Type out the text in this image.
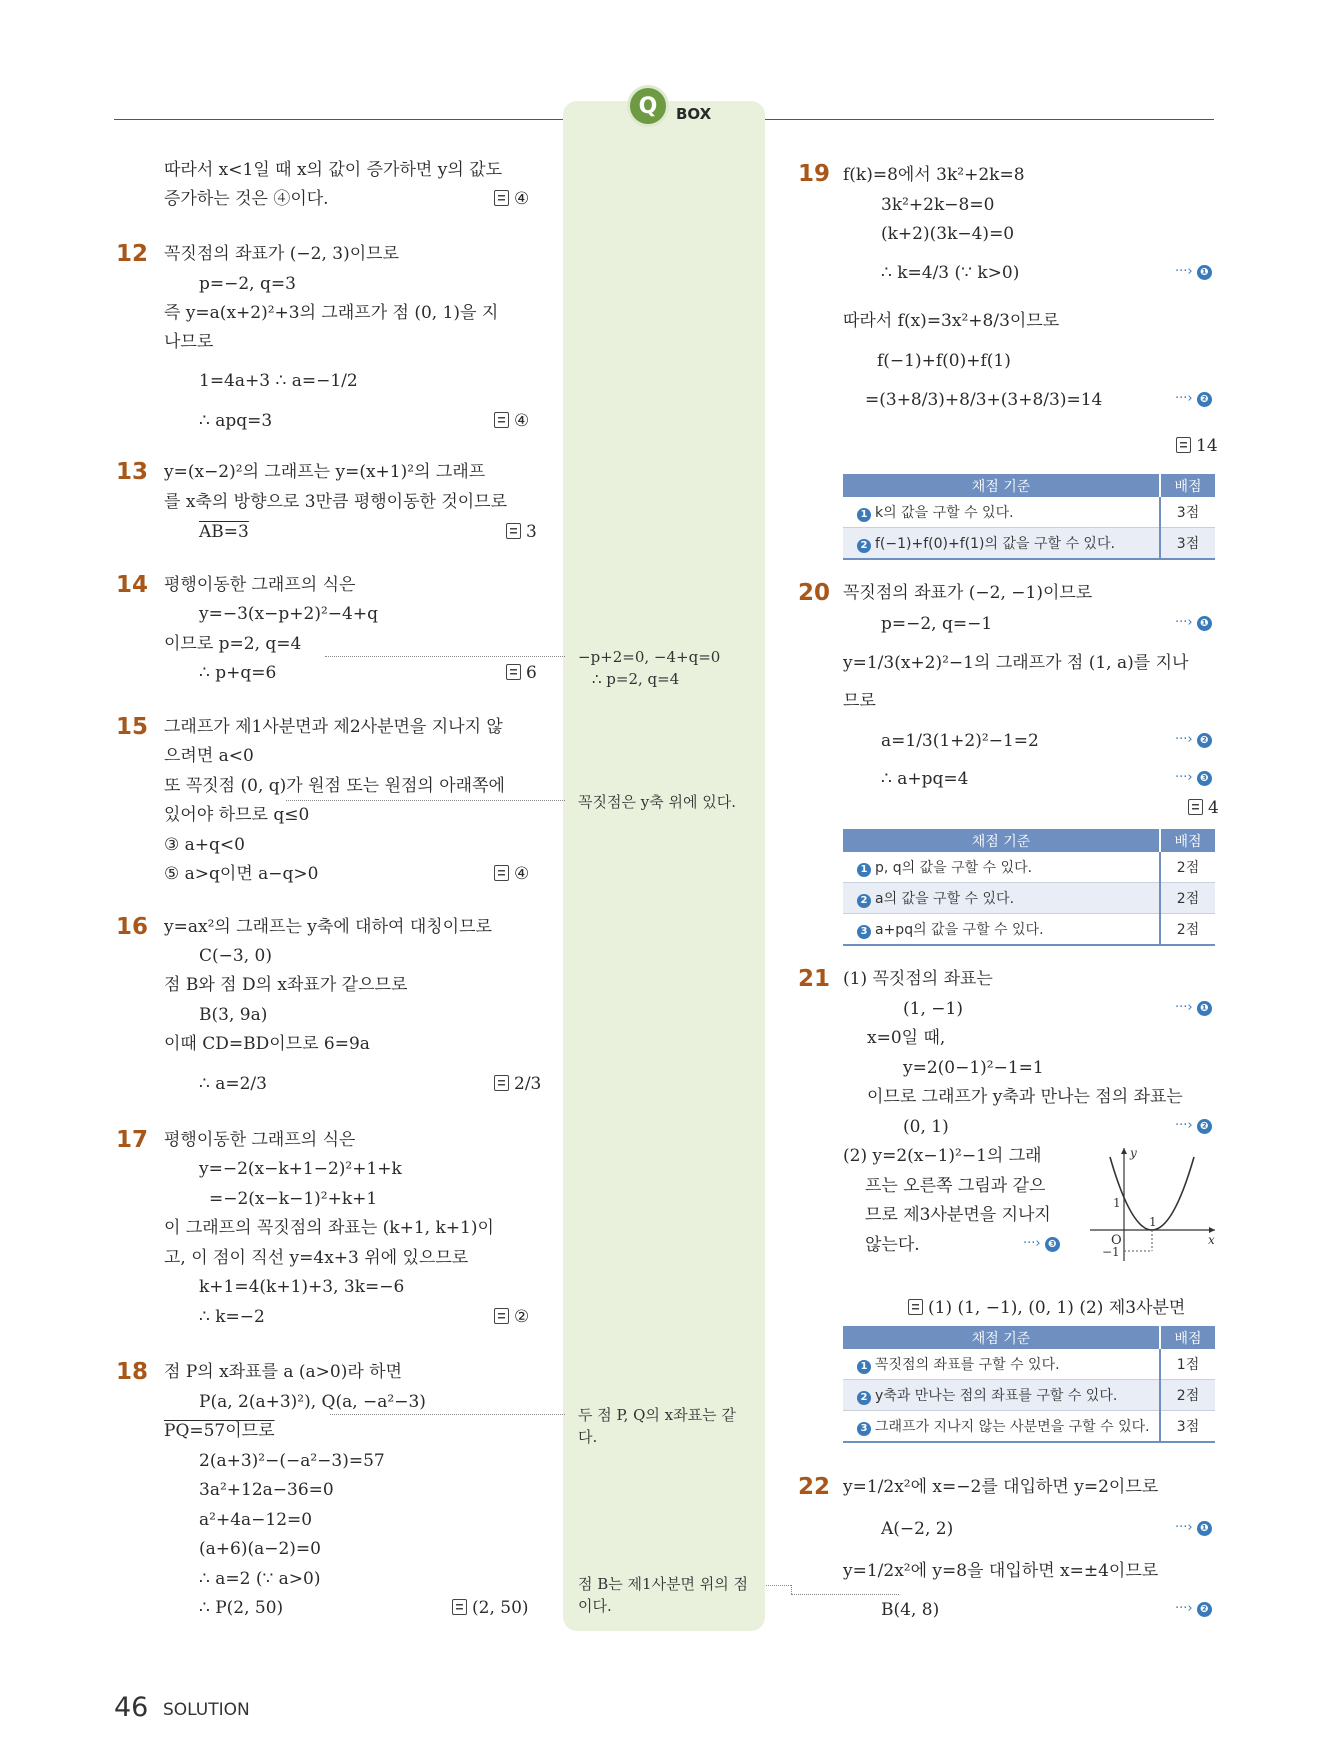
Q	BOX
따라서 x<1일 때 x의 값이 증가하면 y의 값도
증가하는 것은 ④이다.	④
12 꼭짓점의 좌표가 (−2, 3)이므로
p=−2, q=3
즉 y=a(x+2)²+3의 그래프가 점 (0, 1)을 지
나므로
1=4a+3 ∴ a=−1/2
∴ apq=3	④
13 y=(x−2)²의 그래프는 y=(x+1)²의 그래프
를 x축의 방향으로 3만큼 평행이동한 것이므로
AB=3	3
14 평행이동한 그래프의 식은
y=−3(x−p+2)²−4+q
이므로 p=2, q=4
∴ p+q=6	6
15 그래프가 제1사분면과 제2사분면을 지나지 않
으려면 a<0
또 꼭짓점 (0, q)가 원점 또는 원점의 아래쪽에
있어야 하므로 q≤0
③ a+q<0
⑤ a>q이면 a−q>0	④
16 y=ax²의 그래프는 y축에 대하여 대칭이므로
C(−3, 0)
점 B와 점 D의 x좌표가 같으므로
B(3, 9a)
이때 CD=BD이므로 6=9a
∴ a=2/3	2/3
17 평행이동한 그래프의 식은
y=−2(x−k+1−2)²+1+k
=−2(x−k−1)²+k+1
이 그래프의 꼭짓점의 좌표는 (k+1, k+1)이
고, 이 점이 직선 y=4x+3 위에 있으므로
k+1=4(k+1)+3, 3k=−6
∴ k=−2	②
18 점 P의 x좌표를 a (a>0)라 하면
P(a, 2(a+3)²), Q(a, −a²−3)
PQ=57이므로
2(a+3)²−(−a²−3)=57
3a²+12a−36=0
a²+4a−12=0
(a+6)(a−2)=0
∴ a=2 (∵ a>0)
∴ P(2, 50)	(2, 50)
−p+2=0, −4+q=0
∴ p=2, q=4
꼭짓점은 y축 위에 있다.
두 점 P, Q의 x좌표는 같
다.
점 B는 제1사분면 위의 점
이다.
19 f(k)=8에서 3k²+2k=8
3k²+2k−8=0
(k+2)(3k−4)=0
∴ k=4/3 (∵ k>0)	···› ❶
따라서 f(x)=3x²+8/3이므로
f(−1)+f(0)+f(1)
=(3+8/3)+8/3+(3+8/3)=14	···› ❷
14
채점 기준	배점
1 k의 값을 구할 수 있다.	3점
2 f(−1)+f(0)+f(1)의 값을 구할 수 있다.	3점
20 꼭짓점의 좌표가 (−2, −1)이므로
p=−2, q=−1	···› ❶
y=1/3(x+2)²−1의 그래프가 점 (1, a)를 지나
므로
a=1/3(1+2)²−1=2	···› ❷
∴ a+pq=4	···› ❸
4
채점 기준	배점
1 p, q의 값을 구할 수 있다.	2점
2 a의 값을 구할 수 있다.	2점
3 a+pq의 값을 구할 수 있다.	2점
21 (1) 꼭짓점의 좌표는
(1, −1)	···› ❶
x=0일 때,
y=2(0−1)²−1=1
이므로 그래프가 y축과 만나는 점의 좌표는
(0, 1)	···› ❷
(2) y=2(x−1)²−1의 그래
프는 오른쪽 그림과 같으
므로 제3사분면을 지나지
않는다.	···› ❸
y
x
O
1
1
−1
(1) (1, −1), (0, 1) (2) 제3사분면
채점 기준	배점
1 꼭짓점의 좌표를 구할 수 있다.	1점
2 y축과 만나는 점의 좌표를 구할 수 있다.	2점
3 그래프가 지나지 않는 사분면을 구할 수 있다.	3점
22 y=1/2x²에 x=−2를 대입하면 y=2이므로
A(−2, 2)	···› ❶
y=1/2x²에 y=8을 대입하면 x=±4이므로
B(4, 8)	···› ❷
46 SOLUTION
